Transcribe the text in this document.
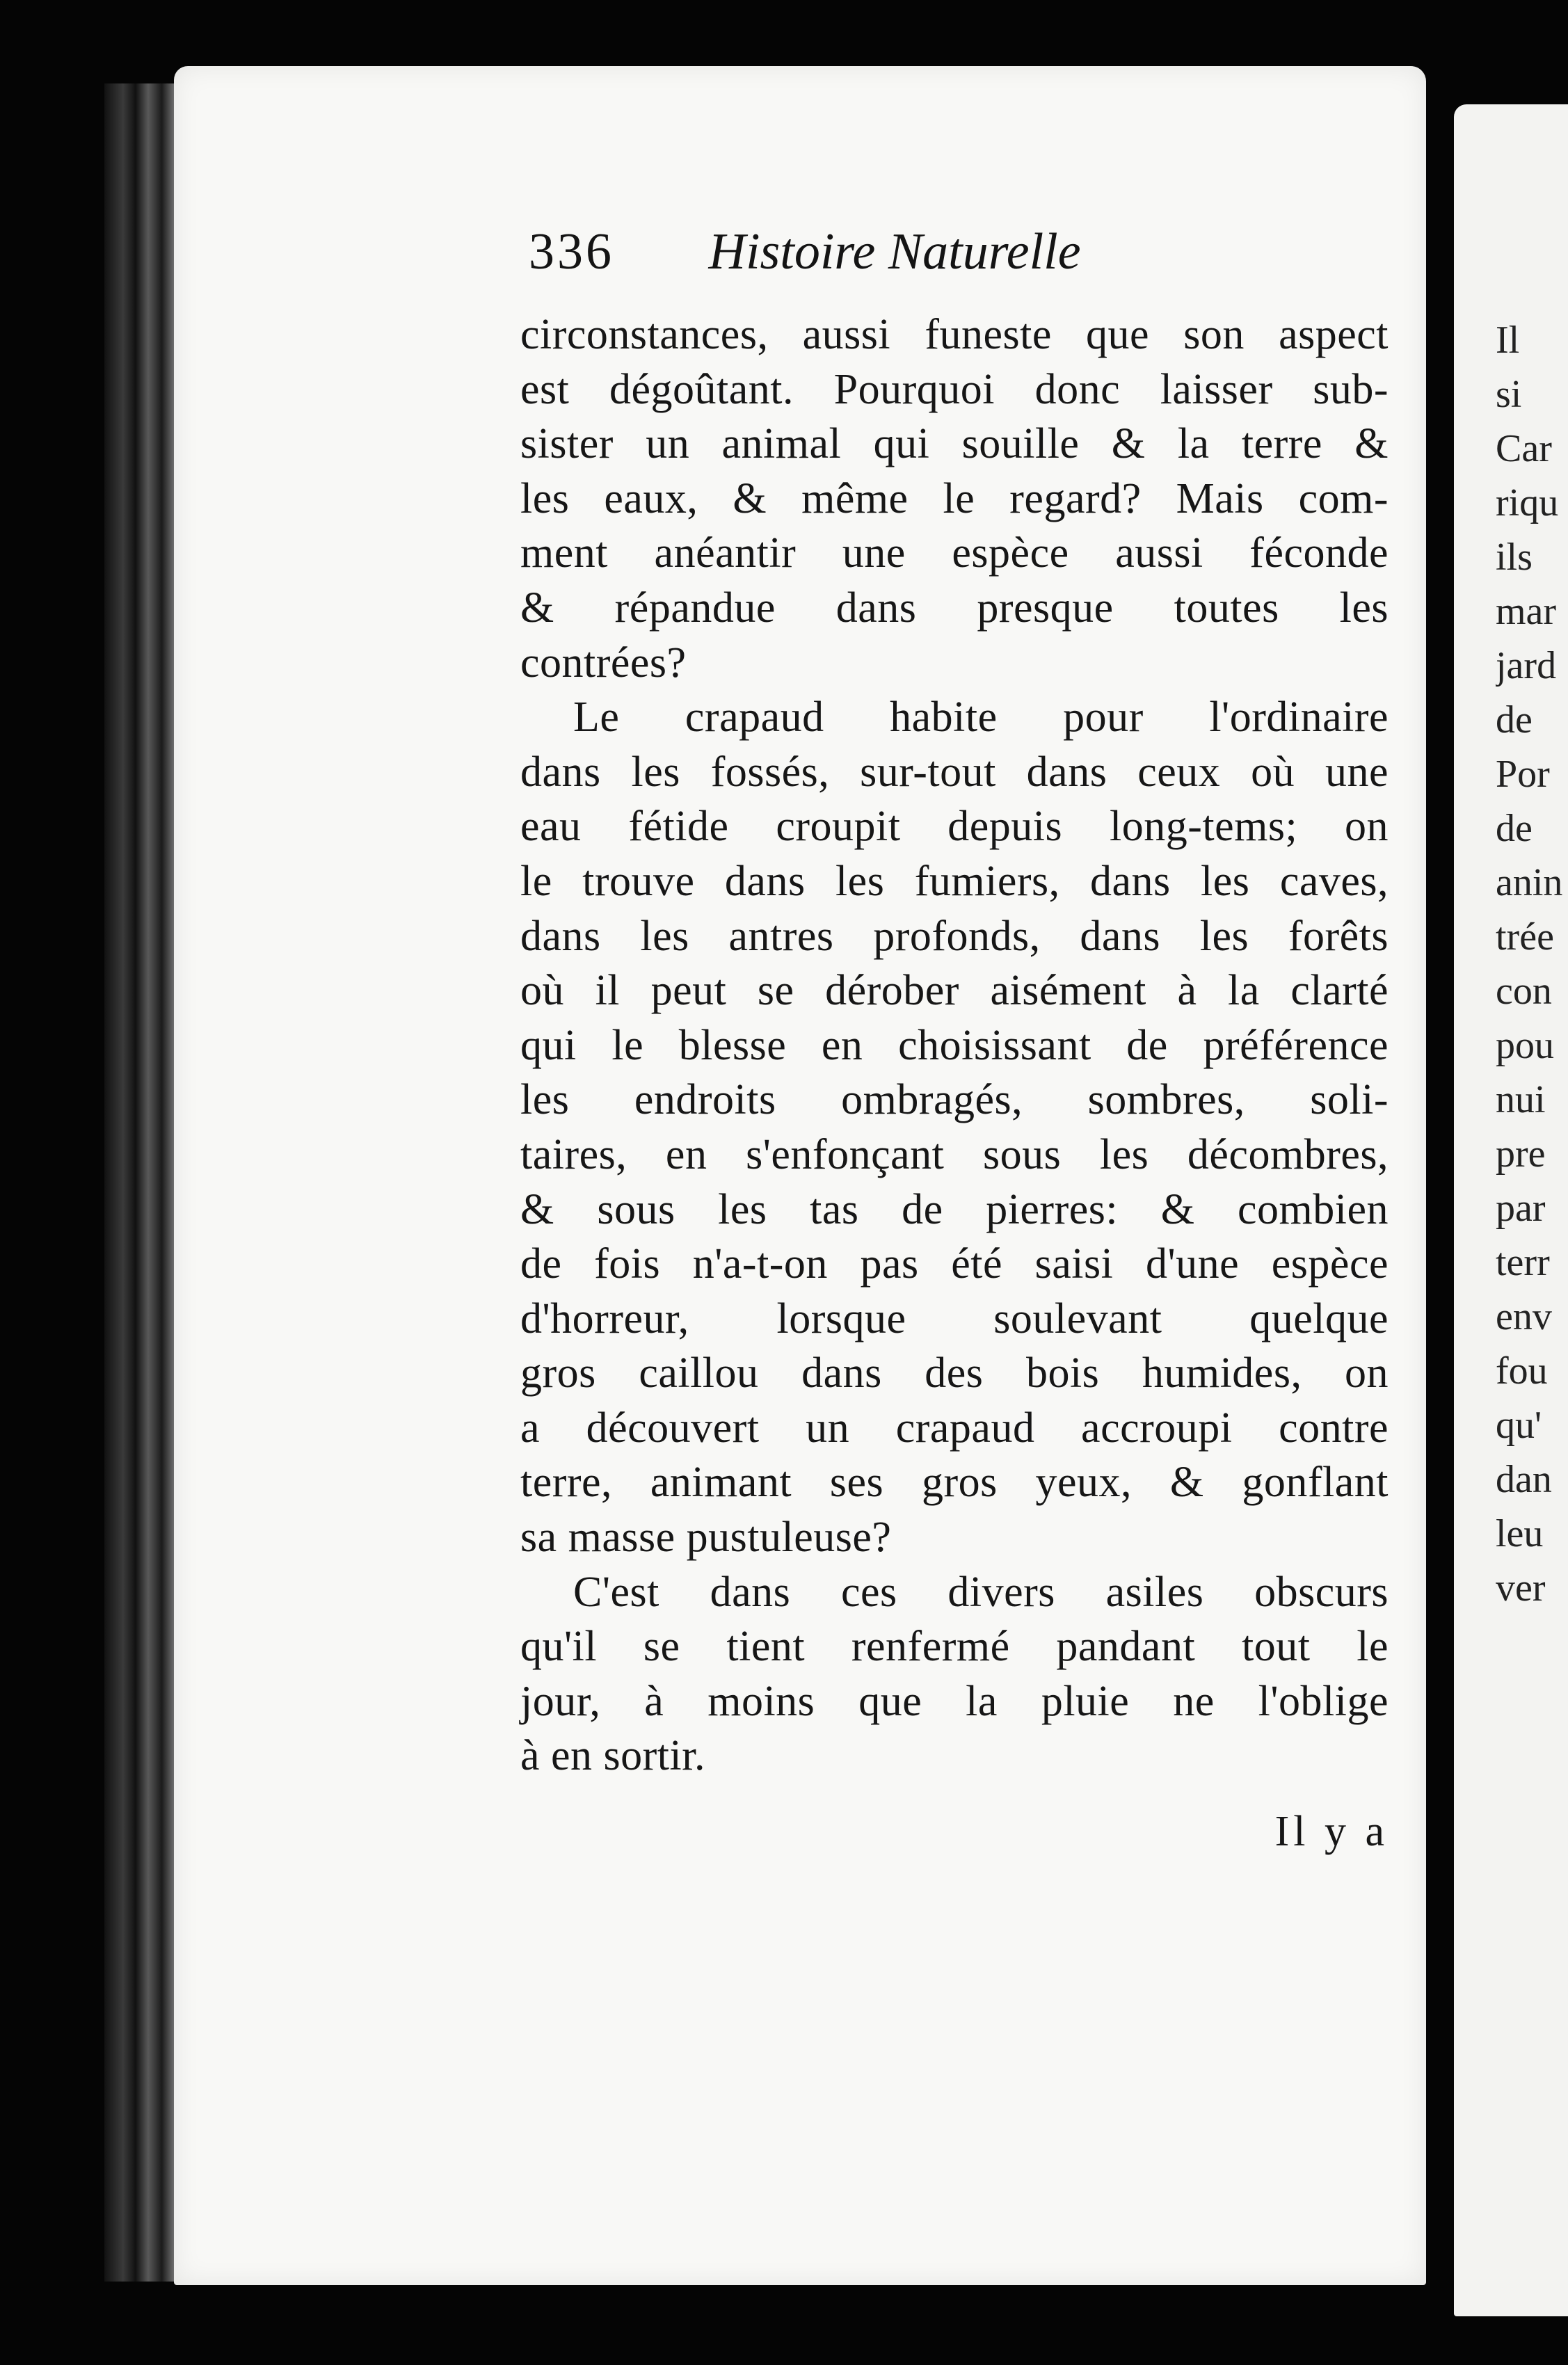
Il
si
Car
riqu
ils
mar
jard
de
Por
de
anin
trée
con
pou
nui
pre
par
terr
env
fou
qu'
dan
leu
ver
336 Histoire Naturelle
circonstances, aussi funeste que son aspect
est dégoûtant. Pourquoi donc laisser sub-
sister un animal qui souille & la terre &
les eaux, & même le regard? Mais com-
ment anéantir une espèce aussi féconde
& répandue dans presque toutes les
contrées?
Le crapaud habite pour l'ordinaire
dans les fossés, sur-tout dans ceux où une
eau fétide croupit depuis long-tems; on
le trouve dans les fumiers, dans les caves,
dans les antres profonds, dans les forêts
où il peut se dérober aisément à la clarté
qui le blesse en choisissant de préférence
les endroits ombragés, sombres, soli-
taires, en s'enfonçant sous les décombres,
& sous les tas de pierres: & combien
de fois n'a-t-on pas été saisi d'une espèce
d'horreur, lorsque soulevant quelque
gros caillou dans des bois humides, on
a découvert un crapaud accroupi contre
terre, animant ses gros yeux, & gonflant
sa masse pustuleuse?
C'est dans ces divers asiles obscurs
qu'il se tient renfermé pandant tout le
jour, à moins que la pluie ne l'oblige
à en sortir.
Il y a
